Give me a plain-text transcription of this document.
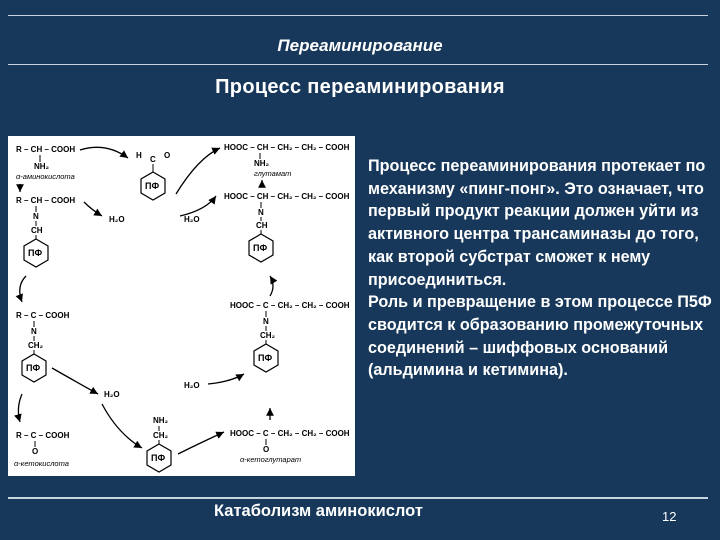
Переаминирование
Процесс переаминирования
R – CH – COOH
NH₂
α-аминокислота
H C O
ПФ
HOOC – CH – CH₂ – CH₂ – COOH
NH₂
глутамат
R – CH – COOH
N
CH
ПФ
H₂O	H₂O
HOOC – CH – CH₂ – CH₂ – COOH
N
CH
ПФ
R – C – COOH
N
CH₂
ПФ
HOOC – C – CH₂ – CH₂ – COOH
N
CH₂
ПФ
H₂O
H₂O
R – C – COOH
O
α-кетокислота
NH₂
CH₂
ПФ
HOOC – C – CH₂ – CH₂ – COOH
O
α-кетоглутарат

Процесс переаминирования протекает по механизму «пинг-понг». Это означает, что первый продукт реакции должен уйти из активного центра трансаминазы до того, как второй субстрат сможет к нему присоединиться.

Роль и превращение в этом процессе П5Ф сводится к образованию промежуточных соединений – шиффовых оснований (альдимина и кетимина).

Катаболизм аминокислот	12
